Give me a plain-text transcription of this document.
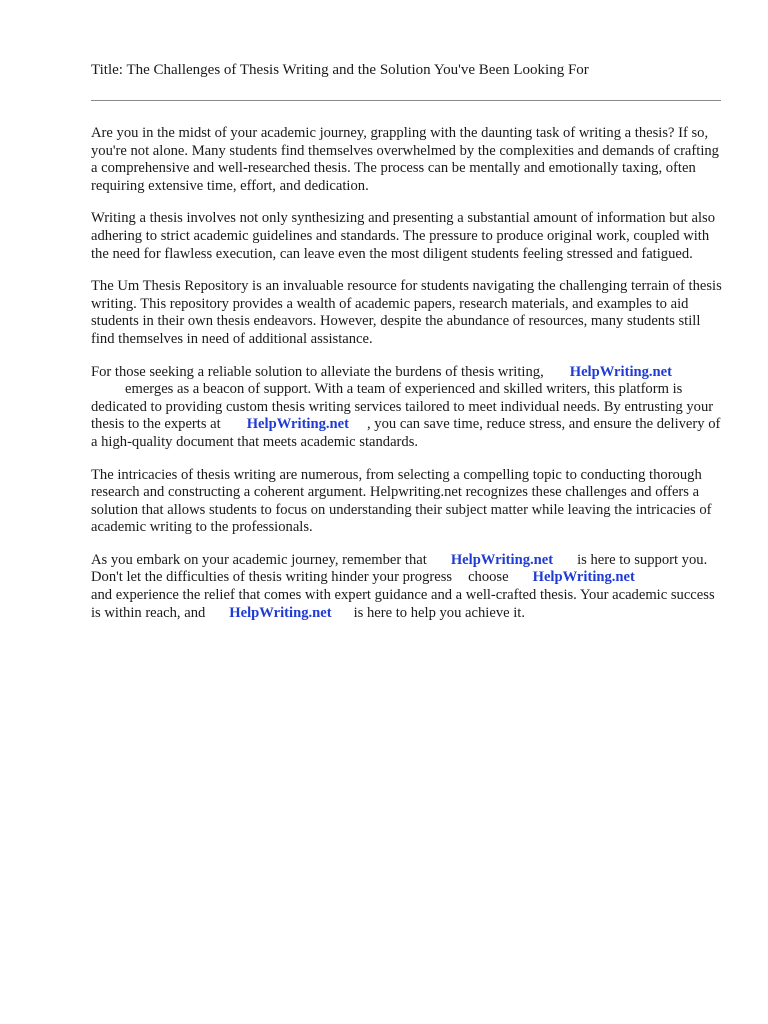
Title: The Challenges of Thesis Writing and the Solution You've Been Looking For

Are you in the midst of your academic journey, grappling with the daunting task of writing a thesis? If so, you're not alone. Many students find themselves overwhelmed by the complexities and demands of crafting a comprehensive and well-researched thesis. The process can be mentally and emotionally taxing, often requiring extensive time, effort, and dedication.

Writing a thesis involves not only synthesizing and presenting a substantial amount of information but also adhering to strict academic guidelines and standards. The pressure to produce original work, coupled with the need for flawless execution, can leave even the most diligent students feeling stressed and fatigued.

The Um Thesis Repository is an invaluable resource for students navigating the challenging terrain of thesis writing. This repository provides a wealth of academic papers, research materials, and examples to aid students in their own thesis endeavors. However, despite the abundance of resources, many students still find themselves in need of additional assistance.

For those seeking a reliable solution to alleviate the burdens of thesis writing, HelpWriting.net
emerges as a beacon of support. With a team of experienced and skilled writers, this platform is dedicated to providing custom thesis writing services tailored to meet individual needs. By entrusting your thesis to the experts at HelpWriting.net , you can save time, reduce stress, and ensure the delivery of a high-quality document that meets academic standards.

The intricacies of thesis writing are numerous, from selecting a compelling topic to conducting thorough research and constructing a coherent argument. Helpwriting.net recognizes these challenges and offers a solution that allows students to focus on understanding their subject matter while leaving the intricacies of academic writing to the professionals.

As you embark on your academic journey, remember that HelpWriting.net is here to support you. Don't let the difficulties of thesis writing hinder your progress choose HelpWriting.net
and experience the relief that comes with expert guidance and a well-crafted thesis. Your academic success is within reach, and HelpWriting.net is here to help you achieve it.
